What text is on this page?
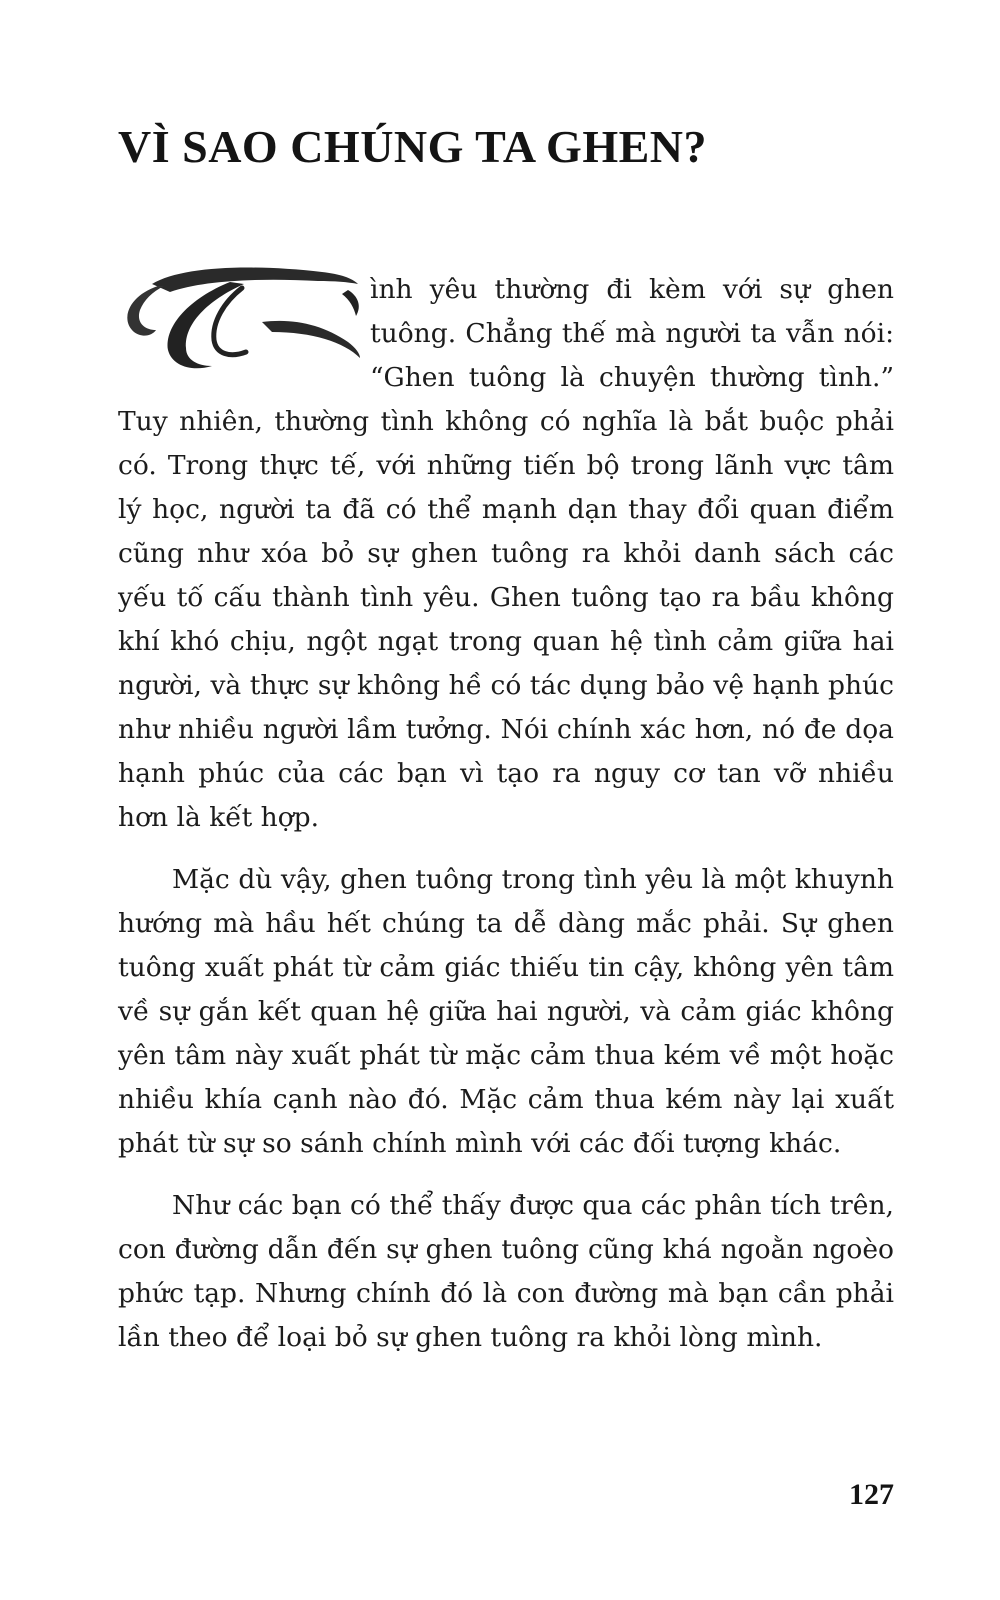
VÌ SAO CHÚNG TA GHEN?

ình yêu thường đi kèm với sự ghen tuông. Chẳng thế mà người ta vẫn nói: “Ghen tuông là chuyện thường tình.” Tuy nhiên, thường tình không có nghĩa là bắt buộc phải có. Trong thực tế, với những tiến bộ trong lãnh vực tâm lý học, người ta đã có thể mạnh dạn thay đổi quan điểm cũng như xóa bỏ sự ghen tuông ra khỏi danh sách các yếu tố cấu thành tình yêu. Ghen tuông tạo ra bầu không khí khó chịu, ngột ngạt trong quan hệ tình cảm giữa hai người, và thực sự không hề có tác dụng bảo vệ hạnh phúc như nhiều người lầm tưởng. Nói chính xác hơn, nó đe dọa hạnh phúc của các bạn vì tạo ra nguy cơ tan vỡ nhiều hơn là kết hợp.

Mặc dù vậy, ghen tuông trong tình yêu là một khuynh hướng mà hầu hết chúng ta dễ dàng mắc phải. Sự ghen tuông xuất phát từ cảm giác thiếu tin cậy, không yên tâm về sự gắn kết quan hệ giữa hai người, và cảm giác không yên tâm này xuất phát từ mặc cảm thua kém về một hoặc nhiều khía cạnh nào đó. Mặc cảm thua kém này lại xuất phát từ sự so sánh chính mình với các đối tượng khác.

Như các bạn có thể thấy được qua các phân tích trên, con đường dẫn đến sự ghen tuông cũng khá ngoằn ngoèo phức tạp. Nhưng chính đó là con đường mà bạn cần phải lần theo để loại bỏ sự ghen tuông ra khỏi lòng mình.

127
